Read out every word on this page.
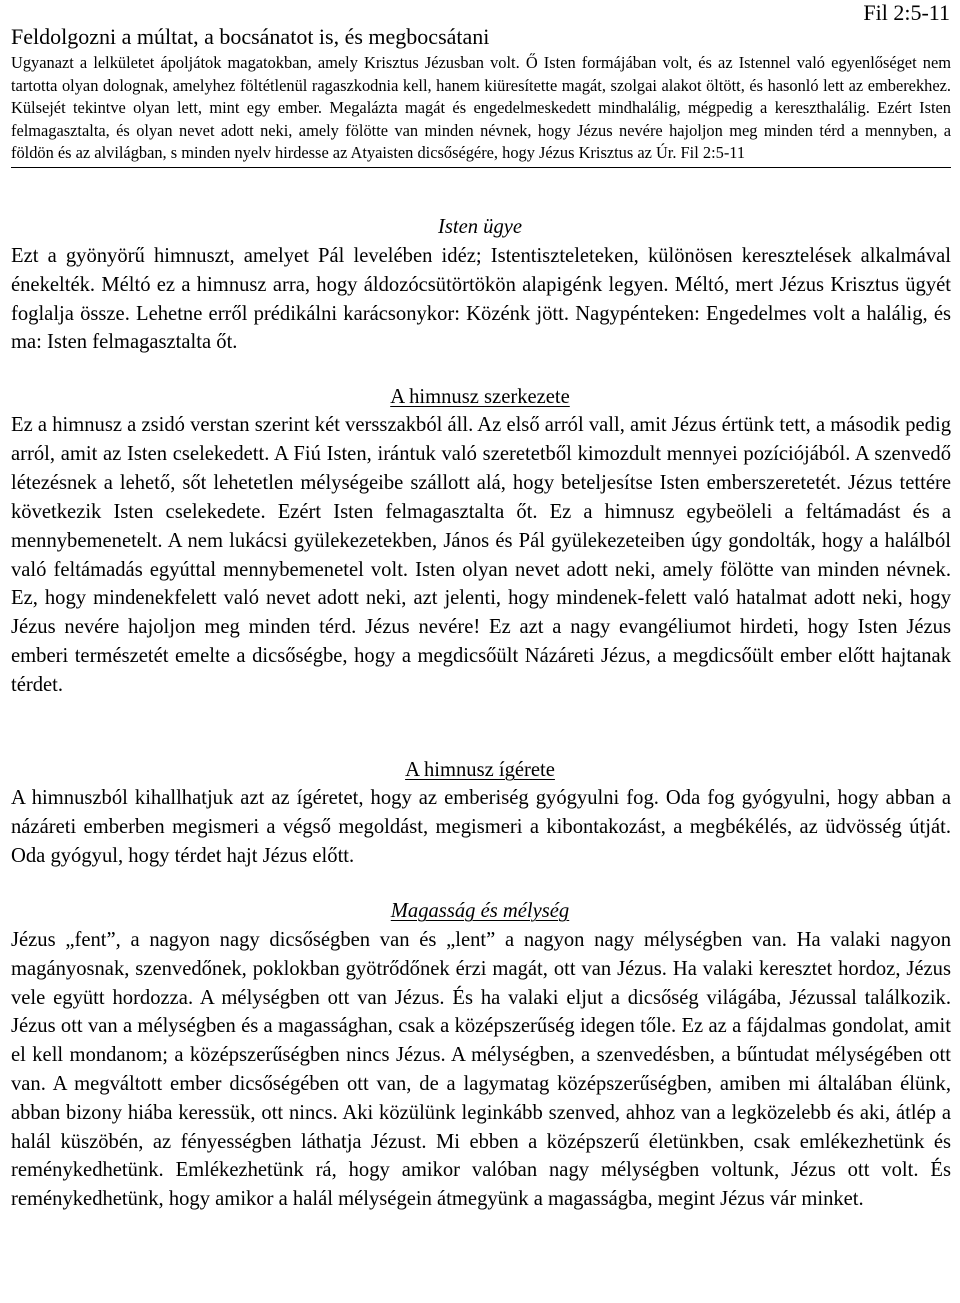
Fil 2:5-11
Feldolgozni a múltat, a bocsánatot is, és megbocsátani

Ugyanazt a lelkületet ápoljátok magatokban, amely Krisztus Jézusban volt. Ő Isten formájában volt, és az Istennel való egyenlőséget nem tartotta olyan dolognak, amelyhez föltétlenül ragaszkodnia kell, hanem kiüresítette magát, szolgai alakot öltött, és hasonló lett az emberekhez. Külsejét tekintve olyan lett, mint egy ember. Megalázta magát és engedelmeskedett mindhalálig, mégpedig a kereszthalálig. Ezért Isten felmagasztalta, és olyan nevet adott neki, amely fölötte van minden névnek, hogy Jézus nevére hajoljon meg minden térd a mennyben, a földön és az alvilágban, s minden nyelv hirdesse az Atyaisten dicsőségére, hogy Jézus Krisztus az Úr. Fil 2:5-11

Isten ügye

Ezt a gyönyörű himnuszt, amelyet Pál levelében idéz; Istentiszteleteken, különösen keresztelések alkalmával énekelték. Méltó ez a himnusz arra, hogy áldozócsütörtökön alapigénk legyen. Méltó, mert Jézus Krisztus ügyét foglalja össze. Lehetne erről prédikálni karácsonykor: Közénk jött. Nagypénteken: Engedelmes volt a halálig, és ma: Isten felmagasztalta őt.

A himnusz szerkezete

Ez a himnusz a zsidó verstan szerint két versszakból áll. Az első arról vall, amit Jézus értünk tett, a második pedig arról, amit az Isten cselekedett. A Fiú Isten, irántuk való szeretetből kimozdult mennyei pozíciójából. A szenvedő létezésnek a lehető, sőt lehetetlen mélységeibe szállott alá, hogy beteljesítse Isten emberszeretetét. Jézus tettére következik Isten cselekedete. Ezért Isten felmagasztalta őt. Ez a himnusz egybeöleli a feltámadást és a mennybemenetelt. A nem lukácsi gyülekezetekben, János és Pál gyülekezeteiben úgy gondolták, hogy a halálból való feltámadás egyúttal mennybemenetel volt. Isten olyan nevet adott neki, amely fölötte van minden névnek. Ez, hogy mindenekfelett való nevet adott neki, azt jelenti, hogy mindenek-felett való hatalmat adott neki, hogy Jézus nevére hajoljon meg minden térd. Jézus nevére! Ez azt a nagy evangéliumot hirdeti, hogy Isten Jézus emberi természetét emelte a dicsőségbe, hogy a megdicsőült Názáreti Jézus, a megdicsőült ember előtt hajtanak térdet.

A himnusz ígérete

A himnuszból kihallhatjuk azt az ígéretet, hogy az emberiség gyógyulni fog. Oda fog gyógyulni, hogy abban a názáreti emberben megismeri a végső megoldást, megismeri a kibontakozást, a megbékélés, az üdvösség útját. Oda gyógyul, hogy térdet hajt Jézus előtt.

Magasság és mélység

Jézus „fent”, a nagyon nagy dicsőségben van és „lent” a nagyon nagy mélységben van. Ha valaki nagyon magányosnak, szenvedőnek, poklokban gyötrődőnek érzi magát, ott van Jézus. Ha valaki keresztet hordoz, Jézus vele együtt hordozza. A mélységben ott van Jézus. És ha valaki eljut a dicsőség világába, Jézussal találkozik. Jézus ott van a mélységben és a magassághan, csak a középszerűség idegen tőle. Ez az a fájdalmas gondolat, amit el kell mondanom; a középszerűségben nincs Jézus. A mélységben, a szenvedésben, a bűntudat mélységében ott van. A megváltott ember dicsőségében ott van, de a lagymatag középszerűségben, amiben mi általában élünk, abban bizony hiába keressük, ott nincs. Aki közülünk leginkább szenved, ahhoz van a legközelebb és aki, átlép a halál küszöbén, az fényességben láthatja Jézust. Mi ebben a középszerű életünkben, csak emlékezhetünk és reménykedhetünk. Emlékezhetünk rá, hogy amikor valóban nagy mélységben voltunk, Jézus ott volt. És reménykedhetünk, hogy amikor a halál mélységein átmegyünk a magasságba, megint Jézus vár minket.
